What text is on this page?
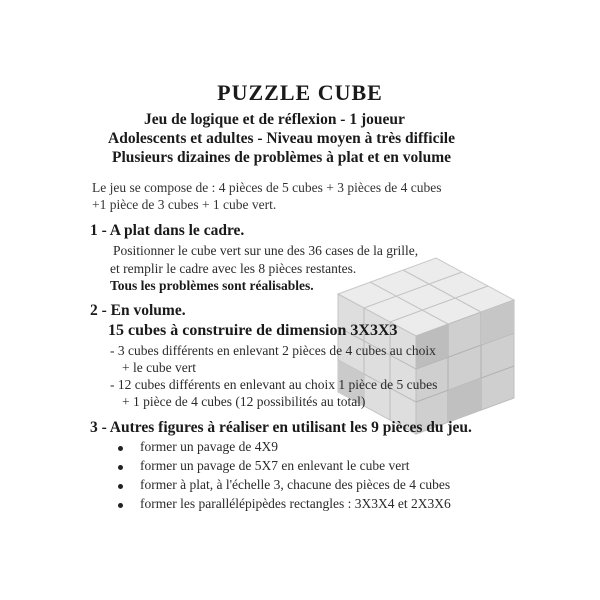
PUZZLE CUBE
Jeu de logique et de réflexion - 1 joueur
Adolescents et adultes - Niveau moyen à très difficile
Plusieurs dizaines de problèmes à plat et en volume
Le jeu se compose de : 4 pièces de 5 cubes + 3 pièces de 4 cubes
+1 pièce de 3 cubes + 1 cube vert.
1 - A plat dans le cadre.
Positionner le cube vert sur une des 36 cases de la grille,
et remplir le cadre avec les 8 pièces restantes.
Tous les problèmes sont réalisables.
2 - En volume.
15 cubes à construire de dimension 3X3X3
- 3 cubes différents en enlevant 2 pièces de 4 cubes au choix
+ le cube vert
- 12 cubes différents en enlevant au choix 1 pièce de 5 cubes
+ 1 pièce de 4 cubes (12 possibilités au total)
3 - Autres figures à réaliser en utilisant les 9 pièces du jeu.
former un pavage de 4X9
former un pavage de 5X7 en enlevant le cube vert
former à plat, à l'échelle 3, chacune des pièces de 4 cubes
former les parallélépipèdes rectangles : 3X3X4 et 2X3X6
